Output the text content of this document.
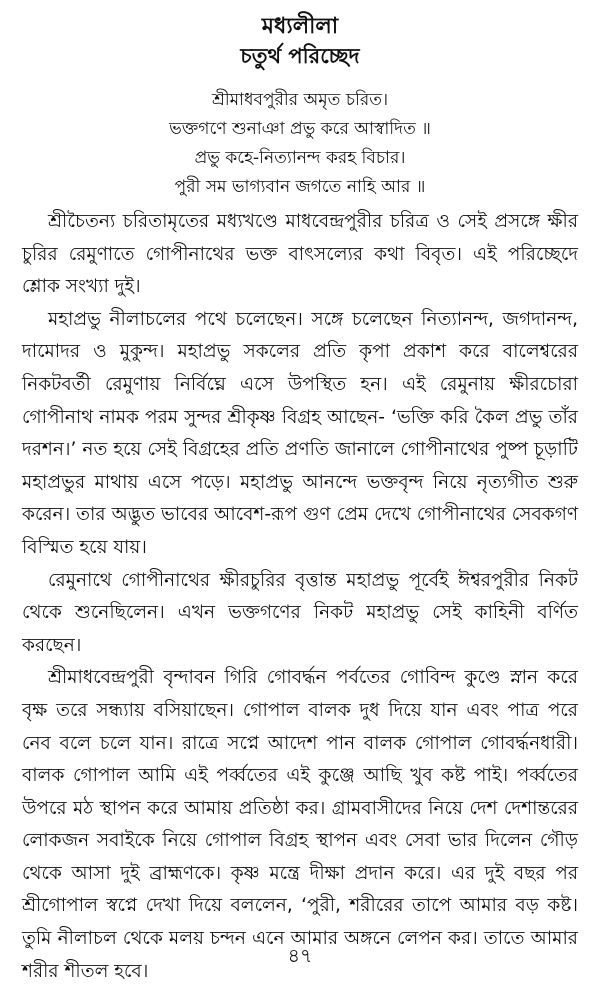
মধ্যলীলা
চতুর্থ পরিচ্ছেদ
শ্রীমাধবপুরীর অমৃত চরিত।
ভক্তগণে শুনাঞা প্রভু করে আস্বাদিত ॥
প্রভু কহে-নিত্যানন্দ করহ বিচার।
পুরী সম ভাগ্যবান জগতে নাহি আর ॥

শ্রীচৈতন্য চরিতামৃতের মধ্যখণ্ডে মাধবেন্দ্রপুরীর চরিত্র ও সেই প্রসঙ্গে ক্ষীর চুরির রেমুণাতে গোপীনাথের ভক্ত বাৎসল্যের কথা বিবৃত। এই পরিচ্ছেদে শ্লোক সংখ্যা দুই।

মহাপ্রভু নীলাচলের পথে চলেছেন। সঙ্গে চলেছেন নিত্যানন্দ, জগদানন্দ, দামোদর ও মুকুন্দ। মহাপ্রভু সকলের প্রতি কৃপা প্রকাশ করে বালেশ্বরের নিকটবর্তী রেমুণায় নির্বিঘ্নে এসে উপস্থিত হন। এই রেমুনায় ক্ষীরচোরা গোপীনাথ নামক পরম সুন্দর শ্রীকৃষ্ণ বিগ্রহ আছেন- ‘ভক্তি করি কৈল প্রভু তাঁর দরশন।’ নত হয়ে সেই বিগ্রহের প্রতি প্রণতি জানালে গোপীনাথের পুষ্প চূড়াটি মহাপ্রভুর মাথায় এসে পড়ে। মহাপ্রভু আনন্দে ভক্তবৃন্দ নিয়ে নৃত্যগীত শুরু করেন। তার অদ্ভুত ভাবের আবেশ-রূপ গুণ প্রেম দেখে গোপীনাথের সেবকগণ বিস্মিত হয়ে যায়।

রেমুনাথে গোপীনাথের ক্ষীরচুরির বৃত্তান্ত মহাপ্রভু পূর্বেই ঈশ্বরপুরীর নিকট থেকে শুনেছিলেন। এখন ভক্তগণের নিকট মহাপ্রভু সেই কাহিনী বর্ণিত করছেন।

শ্রীমাধবেন্দ্রপুরী বৃন্দাবন গিরি গোবর্দ্ধন পর্বতের গোবিন্দ কুণ্ডে স্নান করে বৃক্ষ তরে সন্ধ্যায় বসিয়াছেন। গোপাল বালক দুধ দিয়ে যান এবং পাত্র পরে নেব বলে চলে যান। রাত্রে সপ্নে আদেশ পান বালক গোপাল গোবর্দ্ধনধারী। বালক গোপাল আমি এই পর্ব্বতের এই কুঞ্জে আছি খুব কষ্ট পাই। পর্ব্বতের উপরে মঠ স্থাপন করে আমায় প্রতিষ্ঠা কর। গ্রামবাসীদের নিয়ে দেশ দেশান্তরের লোকজন সবাইকে নিয়ে গোপাল বিগ্রহ স্থাপন এবং সেবা ভার দিলেন গৌড় থেকে আসা দুই ব্রাহ্মণকে। কৃষ্ণ মন্ত্রে দীক্ষা প্রদান করে। এর দুই বছর পর শ্রীগোপাল স্বপ্নে দেখা দিয়ে বললেন, ‘পুরী, শরীরের তাপে আমার বড় কষ্ট। তুমি নীলাচল থেকে মলয় চন্দন এনে আমার অঙ্গনে লেপন কর। তাতে আমার শরীর শীতল হবে।

৪৭
